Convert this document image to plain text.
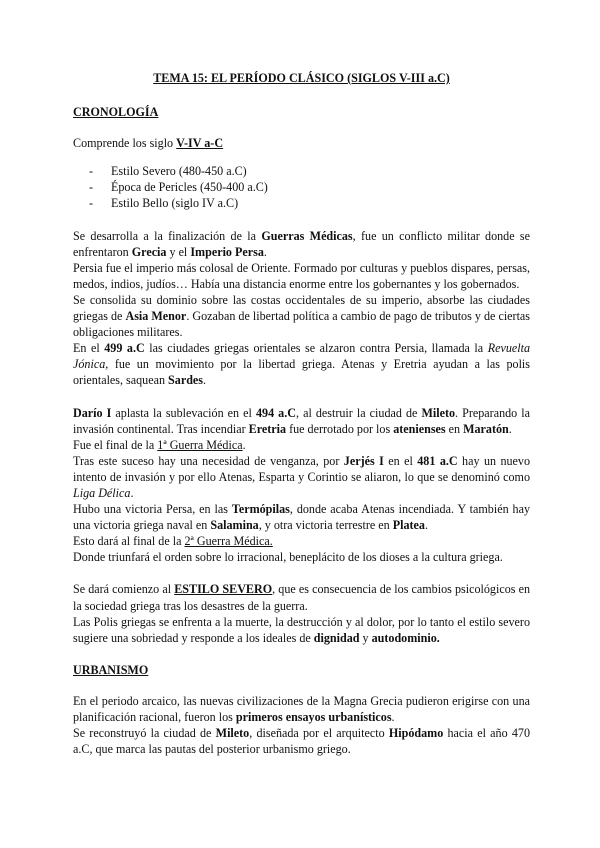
TEMA 15: EL PERÍODO CLÁSICO (SIGLOS V-III a.C)
CRONOLOGÍA

Comprende los siglo V-IV a-C

-	Estilo Severo (480-450 a.C)
-	Época de Pericles (450-400 a.C)
-	Estilo Bello (siglo IV a.C)

Se desarrolla a la finalización de la Guerras Médicas, fue un conflicto militar donde se enfrentaron Grecia y el Imperio Persa.

Persia fue el imperio más colosal de Oriente. Formado por culturas y pueblos dispares, persas, medos, indios, judíos… Había una distancia enorme entre los gobernantes y los gobernados.

Se consolida su dominio sobre las costas occidentales de su imperio, absorbe las ciudades griegas de Asia Menor. Gozaban de libertad política a cambio de pago de tributos y de ciertas obligaciones militares.

En el 499 a.C las ciudades griegas orientales se alzaron contra Persia, llamada la Revuelta Jónica, fue un movimiento por la libertad griega. Atenas y Eretria ayudan a las polis orientales, saquean Sardes.

Darío I aplasta la sublevación en el 494 a.C, al destruir la ciudad de Mileto. Preparando la invasión continental. Tras incendiar Eretria fue derrotado por los atenienses en Maratón.

Fue el final de la 1ª Guerra Médica.

Tras este suceso hay una necesidad de venganza, por Jerjés I en el 481 a.C hay un nuevo intento de invasión y por ello Atenas, Esparta y Corintio se aliaron, lo que se denominó como Liga Délica.

Hubo una victoria Persa, en las Termópilas, donde acaba Atenas incendiada. Y también hay una victoria griega naval en Salamina, y otra victoria terrestre en Platea.

Esto dará al final de la 2ª Guerra Médica.

Donde triunfará el orden sobre lo irracional, beneplácito de los dioses a la cultura griega.

Se dará comienzo al ESTILO SEVERO, que es consecuencia de los cambios psicológicos en la sociedad griega tras los desastres de la guerra.

Las Polis griegas se enfrenta a la muerte, la destrucción y al dolor, por lo tanto el estilo severo sugiere una sobriedad y responde a los ideales de dignidad y autodominio.

URBANISMO

En el periodo arcaico, las nuevas civilizaciones de la Magna Grecia pudieron erigirse con una planificación racional, fueron los primeros ensayos urbanísticos.

Se reconstruyó la ciudad de Mileto, diseñada por el arquitecto Hipódamo hacia el año 470 a.C, que marca las pautas del posterior urbanismo griego.
